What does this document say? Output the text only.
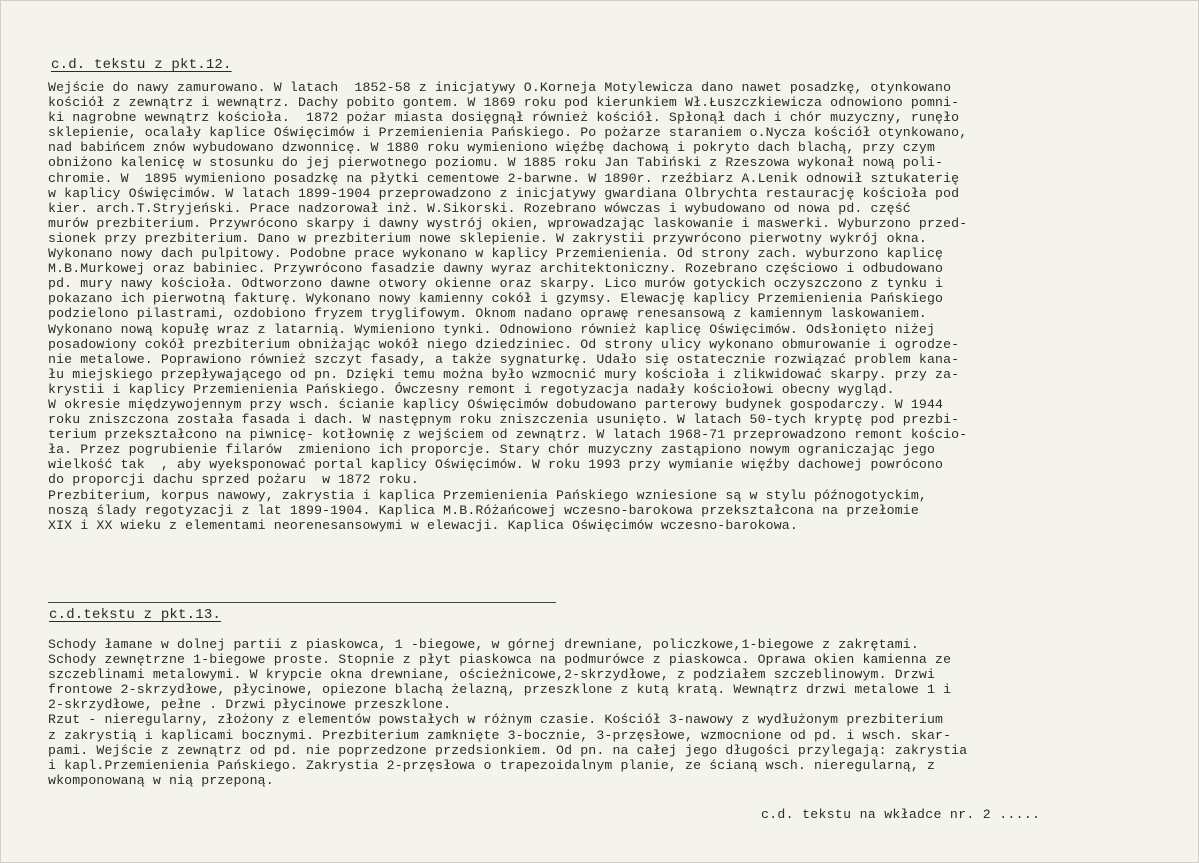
c.d. tekstu z pkt.12.
Wejście do nawy zamurowano. W latach  1852-58 z inicjatywy O.Korneja Motylewicza dano nawet posadzkę, otynkowano
kościół z zewnątrz i wewnątrz. Dachy pobito gontem. W 1869 roku pod kierunkiem Wł.Łuszczkiewicza odnowiono pomni-
ki nagrobne wewnątrz kościoła.  1872 pożar miasta dosięgnął również kościół. Spłonął dach i chór muzyczny, runęło
sklepienie, ocalały kaplice Oświęcimów i Przemienienia Pańskiego. Po pożarze staraniem o.Nycza kościół otynkowano,
nad babińcem znów wybudowano dzwonnicę. W 1880 roku wymieniono więźbę dachową i pokryto dach blachą, przy czym
obniżono kalenicę w stosunku do jej pierwotnego poziomu. W 1885 roku Jan Tabiński z Rzeszowa wykonał nową poli-
chromie. W  1895 wymieniono posadzkę na płytki cementowe 2-barwne. W 1890r. rzeźbiarz A.Lenik odnowił sztukaterię
w kaplicy Oświęcimów. W latach 1899-1904 przeprowadzono z inicjatywy gwardiana Olbrychta restaurację kościoła pod
kier. arch.T.Stryjeński. Prace nadzorował inż. W.Sikorski. Rozebrano wówczas i wybudowano od nowa pd. część
murów prezbiterium. Przywrócono skarpy i dawny wystrój okien, wprowadzając laskowanie i maswerki. Wyburzono przed-
sionek przy prezbiterium. Dano w prezbiterium nowe sklepienie. W zakrystii przywrócono pierwotny wykrój okna.
Wykonano nowy dach pulpitowy. Podobne prace wykonano w kaplicy Przemienienia. Od strony zach. wyburzono kaplicę
M.B.Murkowej oraz babiniec. Przywrócono fasadzie dawny wyraz architektoniczny. Rozebrano częściowo i odbudowano
pd. mury nawy kościoła. Odtworzono dawne otwory okienne oraz skarpy. Lico murów gotyckich oczyszczono z tynku i
pokazano ich pierwotną fakturę. Wykonano nowy kamienny cokół i gzymsy. Elewację kaplicy Przemienienia Pańskiego
podzielono pilastrami, ozdobiono fryzem tryglifowym. Oknom nadano oprawę renesansową z kamiennym laskowaniem.
Wykonano nową kopułę wraz z latarnią. Wymieniono tynki. Odnowiono również kaplicę Oświęcimów. Odsłonięto niżej
posadowiony cokół prezbiterium obniżając wokół niego dziedziniec. Od strony ulicy wykonano obmurowanie i ogrodze-
nie metalowe. Poprawiono również szczyt fasady, a także sygnaturkę. Udało się ostatecznie rozwiązać problem kana-
łu miejskiego przepływającego od pn. Dzięki temu można było wzmocnić mury kościoła i zlikwidować skarpy. przy za-
krystii i kaplicy Przemienienia Pańskiego. Ówczesny remont i regotyzacja nadały kościołowi obecny wygląd.
W okresie międzywojennym przy wsch. ścianie kaplicy Oświęcimów dobudowano parterowy budynek gospodarczy. W 1944
roku zniszczona została fasada i dach. W następnym roku zniszczenia usunięto. W latach 50-tych kryptę pod prezbi-
terium przekształcono na piwnicę- kotłownię z wejściem od zewnątrz. W latach 1968-71 przeprowadzono remont kościo-
ła. Przez pogrubienie filarów  zmieniono ich proporcje. Stary chór muzyczny zastąpiono nowym ograniczając jego
wielkość tak  , aby wyeksponować portal kaplicy Oświęcimów. W roku 1993 przy wymianie więźby dachowej powrócono
do proporcji dachu sprzed pożaru  w 1872 roku.
Prezbiterium, korpus nawowy, zakrystia i kaplica Przemienienia Pańskiego wzniesione są w stylu późnogotyckim,
noszą ślady regotyzacji z lat 1899-1904. Kaplica M.B.Różańcowej wczesno-barokowa przekształcona na przełomie
XIX i XX wieku z elementami neorenesansowymi w elewacji. Kaplica Oświęcimów wczesno-barokowa.
c.d.tekstu z pkt.13.
Schody łamane w dolnej partii z piaskowca, 1 -biegowe, w górnej drewniane, policzkowe,1-biegowe z zakrętami.
Schody zewnętrzne 1-biegowe proste. Stopnie z płyt piaskowca na podmurówce z piaskowca. Oprawa okien kamienna ze
szczeblinami metalowymi. W krypcie okna drewniane, ościeżnicowe,2-skrzydłowe, z podziałem szczeblinowym. Drzwi
frontowe 2-skrzydłowe, płycinowe, opiezone blachą żelazną, przeszklone z kutą kratą. Wewnątrz drzwi metalowe 1 i
2-skrzydłowe, pełne . Drzwi płycinowe przeszklone.
Rzut - nieregularny, złożony z elementów powstałych w różnym czasie. Kościół 3-nawowy z wydłużonym prezbiterium
z zakrystią i kaplicami bocznymi. Prezbiterium zamknięte 3-bocznie, 3-przęsłowe, wzmocnione od pd. i wsch. skar-
pami. Wejście z zewnątrz od pd. nie poprzedzone przedsionkiem. Od pn. na całej jego długości przylegają: zakrystia
i kapl.Przemienienia Pańskiego. Zakrystia 2-przęsłowa o trapezoidalnym planie, ze ścianą wsch. nieregularną, z
wkomponowaną w nią przeponą.
c.d. tekstu na wkładce nr. 2 .....
